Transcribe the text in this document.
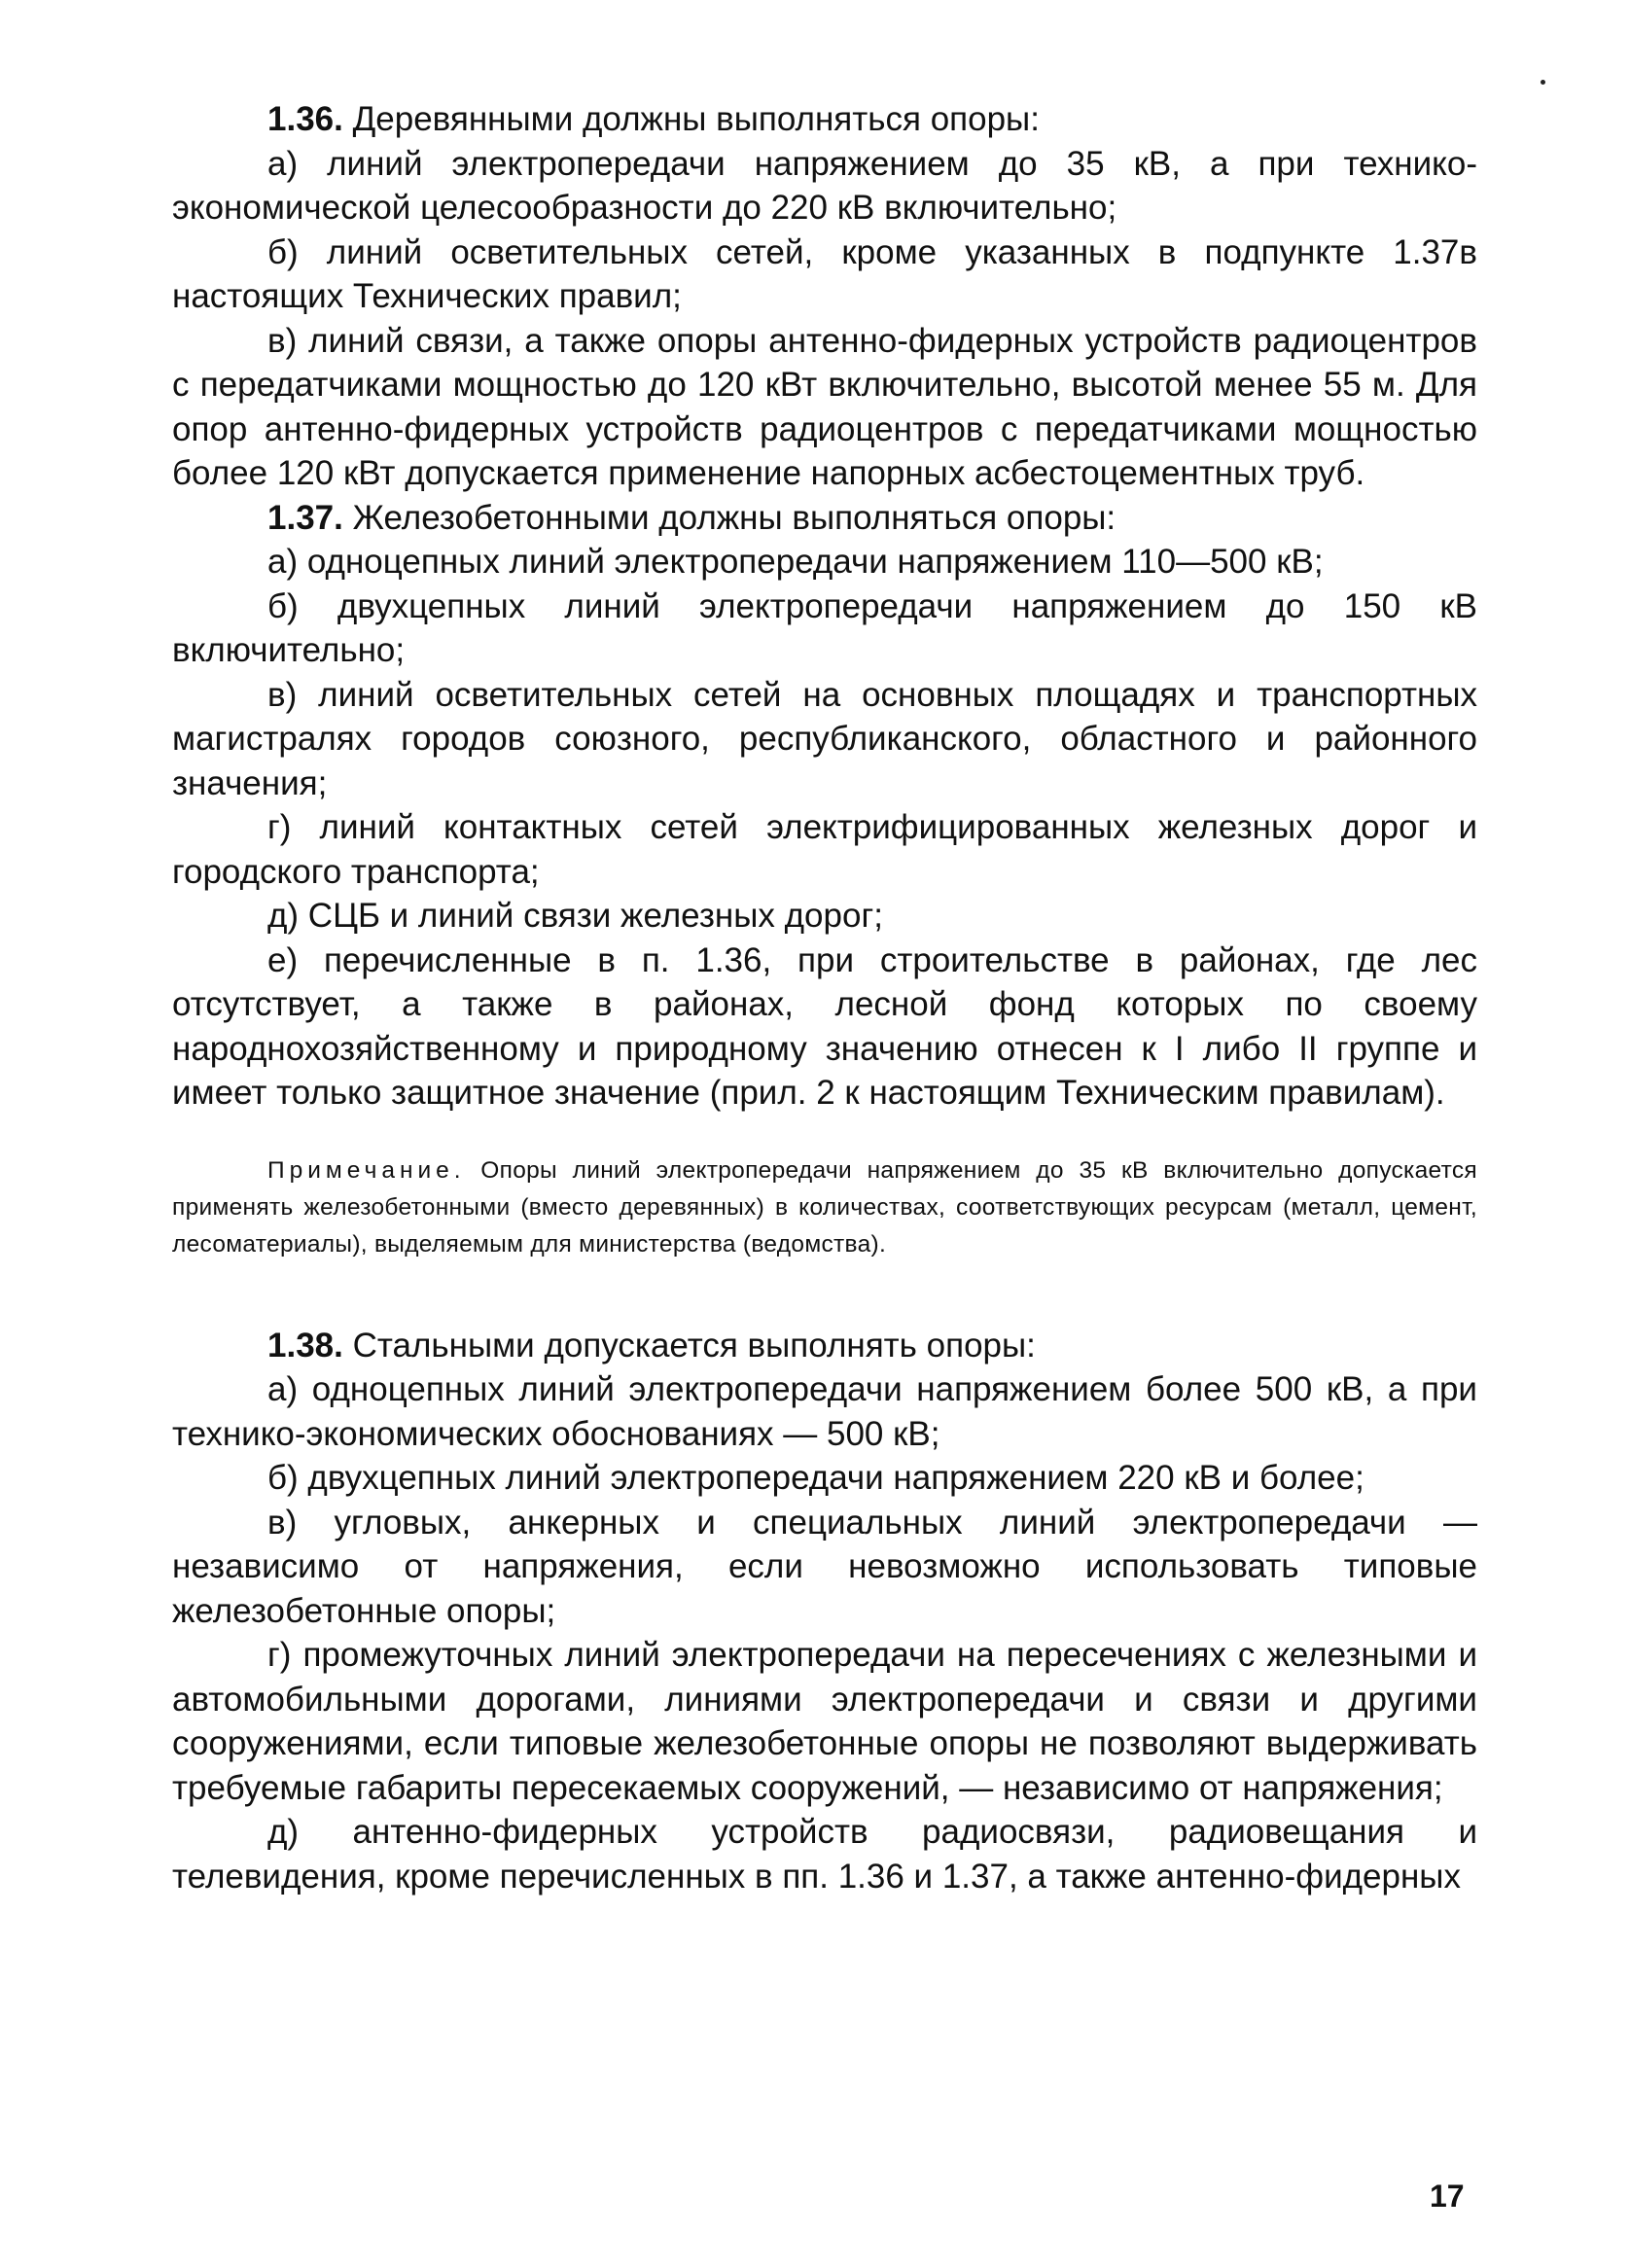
1.36. Деревянными должны выполняться опоры:

а) линий электропередачи напряжением до 35 кВ, а при технико-экономической целесообразности до 220 кВ включительно;

б) линий осветительных сетей, кроме указанных в подпункте 1.37в настоящих Технических правил;

в) линий связи, а также опоры антенно-фидерных устройств радиоцентров с передатчиками мощностью до 120 кВт включительно, высотой менее 55 м. Для опор антенно-фидерных устройств радиоцентров с передатчиками мощностью более 120 кВт допускается применение напорных асбестоцементных труб.

1.37. Железобетонными должны выполняться опоры:

а) одноцепных линий электропередачи напряжением 110—500 кВ;

б) двухцепных линий электропередачи напряжением до 150 кВ включительно;

в) линий осветительных сетей на основных площадях и транспортных магистралях городов союзного, республиканского, областного и районного значения;

г) линий контактных сетей электрифицированных железных дорог и городского транспорта;

д) СЦБ и линий связи железных дорог;

е) перечисленные в п. 1.36, при строительстве в районах, где лес отсутствует, а также в районах, лесной фонд которых по своему народнохозяйственному и природному значению отнесен к I либо II группе и имеет только защитное значение (прил. 2 к настоящим Техническим правилам).

Примечание. Опоры линий электропередачи напряжением до 35 кВ включительно допускается применять железобетонными (вместо деревянных) в количествах, соответствующих ресурсам (металл, цемент, лесоматериалы), выделяемым для министерства (ведомства).

1.38. Стальными допускается выполнять опоры:

а) одноцепных линий электропередачи напряжением более 500 кВ, а при технико-экономических обоснованиях — 500 кВ;

б) двухцепных линий электропередачи напряжением 220 кВ и более;

в) угловых, анкерных и специальных линий электропередачи — независимо от напряжения, если невозможно использовать типовые железобетонные опоры;

г) промежуточных линий электропередачи на пересечениях с железными и автомобильными дорогами, линиями электропередачи и связи и другими сооружениями, если типовые железобетонные опоры не позволяют выдерживать требуемые габариты пересекаемых сооружений, — независимо от напряжения;

д) антенно-фидерных устройств радиосвязи, радиовещания и телевидения, кроме перечисленных в пп. 1.36 и 1.37, а также антенно-фидерных

17
